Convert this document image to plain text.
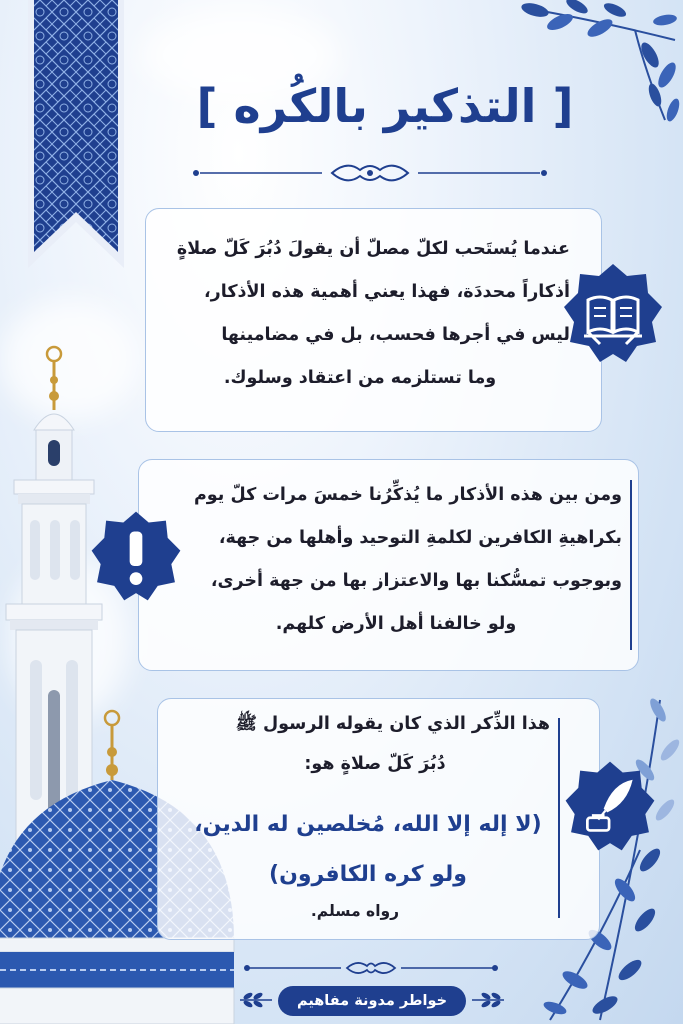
[ التذكير بالكُره ]
عندما يُستَحب لكلّ مصلّ أن يقولَ دُبُرَ كَلّ صلاةٍ
أذكاراً محددَة، فهذا يعني أهمية هذه الأذكار،
ليس في أجرها فحسب، بل في مضامينها
وما تستلزمه من اعتقاد وسلوك.
ومن بين هذه الأذكار ما يُذكِّرُنا خمسَ مرات كلّ يوم
بكراهيةِ الكافرين لكلمةِ التوحيد وأهلها من جهة،
وبوجوب تمسُّكنا بها والاعتزاز بها من جهة أخرى،
ولو خالفنا أهل الأرض كلهم.
هذا الذِّكر الذي كان يقوله الرسول ﷺ
دُبُرَ كَلّ صلاةٍ هو:
(لا إله إلا الله، مُخلصين له الدين،
ولو كره الكافرون)
رواه مسلم.
خواطر مدونة مفاهيم
